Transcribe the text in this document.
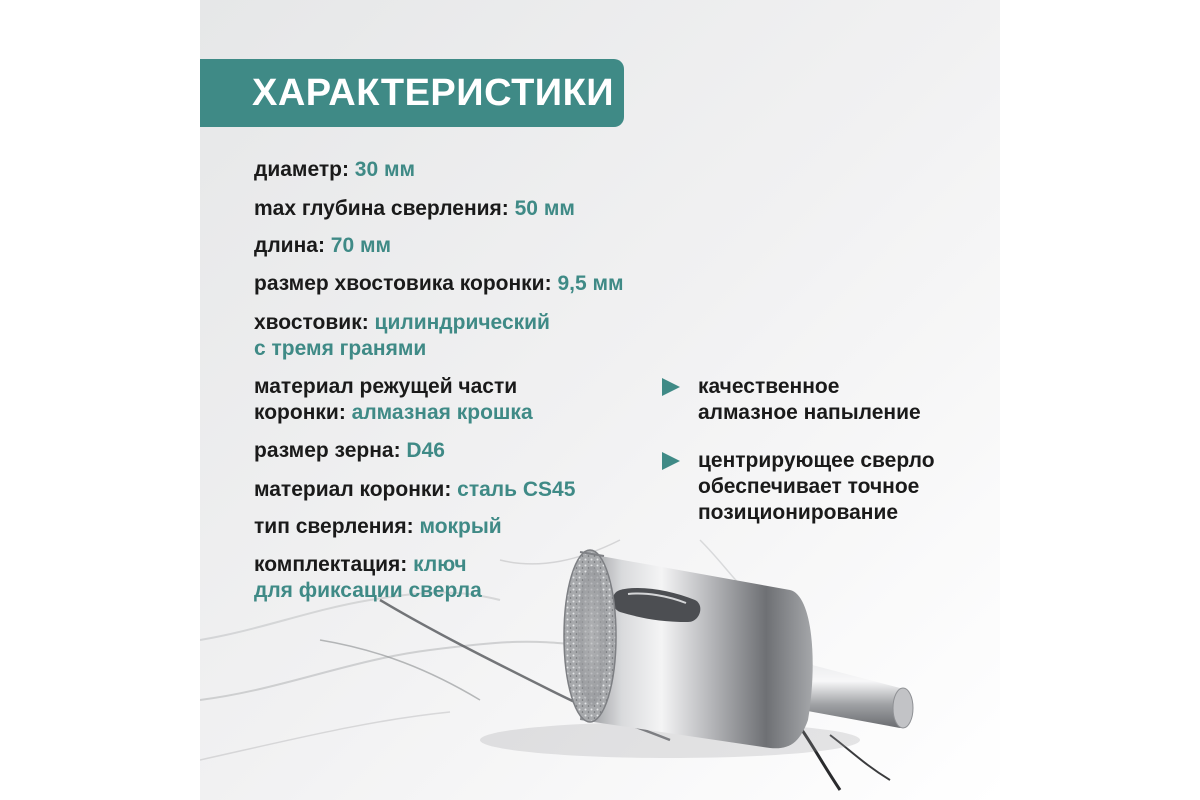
ХАРАКТЕРИСТИКИ
диаметр: 30 мм
max глубина сверления: 50 мм
длина: 70 мм
размер хвостовика коронки: 9,5 мм
хвостовик: цилиндрический
с тремя гранями
материал режущей части
коронки: алмазная крошка
размер зерна: D46
материал коронки: сталь CS45
тип сверления: мокрый
комплектация: ключ
для фиксации сверла
качественное
алмазное напыление
центрирующее сверло
обеспечивает точное
позиционирование
